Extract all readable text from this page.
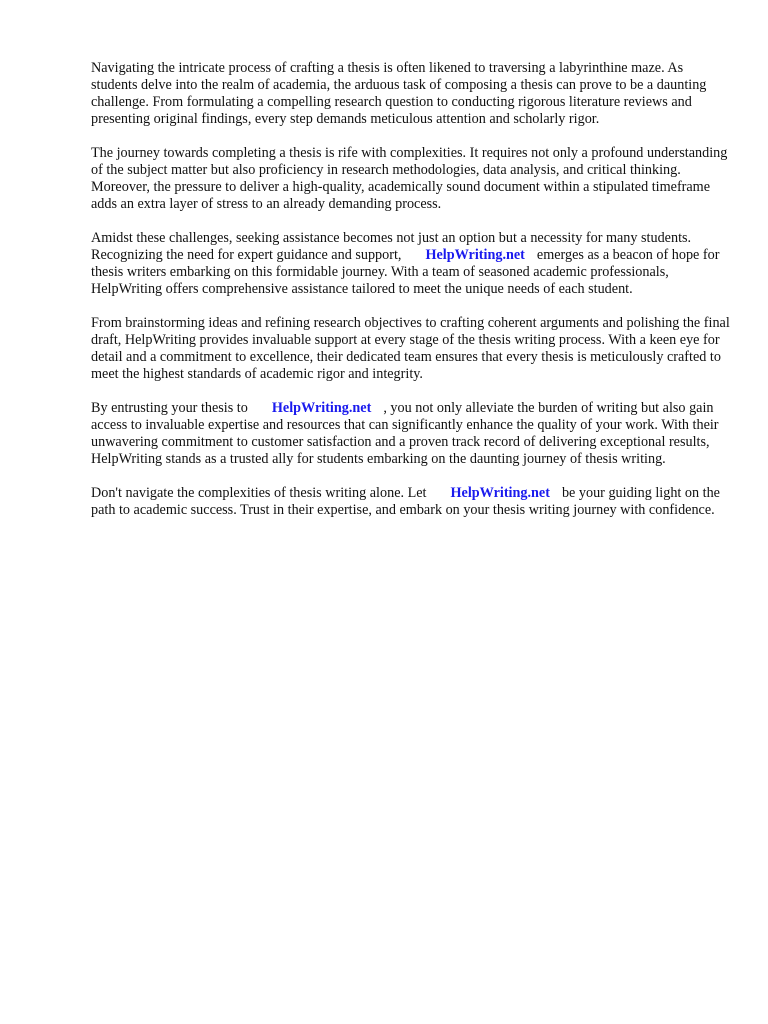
Navigating the intricate process of crafting a thesis is often likened to traversing a labyrinthine maze. As students delve into the realm of academia, the arduous task of composing a thesis can prove to be a daunting challenge. From formulating a compelling research question to conducting rigorous literature reviews and presenting original findings, every step demands meticulous attention and scholarly rigor.

The journey towards completing a thesis is rife with complexities. It requires not only a profound understanding of the subject matter but also proficiency in research methodologies, data analysis, and critical thinking. Moreover, the pressure to deliver a high-quality, academically sound document within a stipulated timeframe adds an extra layer of stress to an already demanding process.

Amidst these challenges, seeking assistance becomes not just an option but a necessity for many students. Recognizing the need for expert guidance and support, HelpWriting.net emerges as a beacon of hope for thesis writers embarking on this formidable journey. With a team of seasoned academic professionals, HelpWriting offers comprehensive assistance tailored to meet the unique needs of each student.

From brainstorming ideas and refining research objectives to crafting coherent arguments and polishing the final draft, HelpWriting provides invaluable support at every stage of the thesis writing process. With a keen eye for detail and a commitment to excellence, their dedicated team ensures that every thesis is meticulously crafted to meet the highest standards of academic rigor and integrity.

By entrusting your thesis to HelpWriting.net , you not only alleviate the burden of writing but also gain access to invaluable expertise and resources that can significantly enhance the quality of your work. With their unwavering commitment to customer satisfaction and a proven track record of delivering exceptional results, HelpWriting stands as a trusted ally for students embarking on the daunting journey of thesis writing.

Don't navigate the complexities of thesis writing alone. Let HelpWriting.net be your guiding light on the path to academic success. Trust in their expertise, and embark on your thesis writing journey with confidence.
